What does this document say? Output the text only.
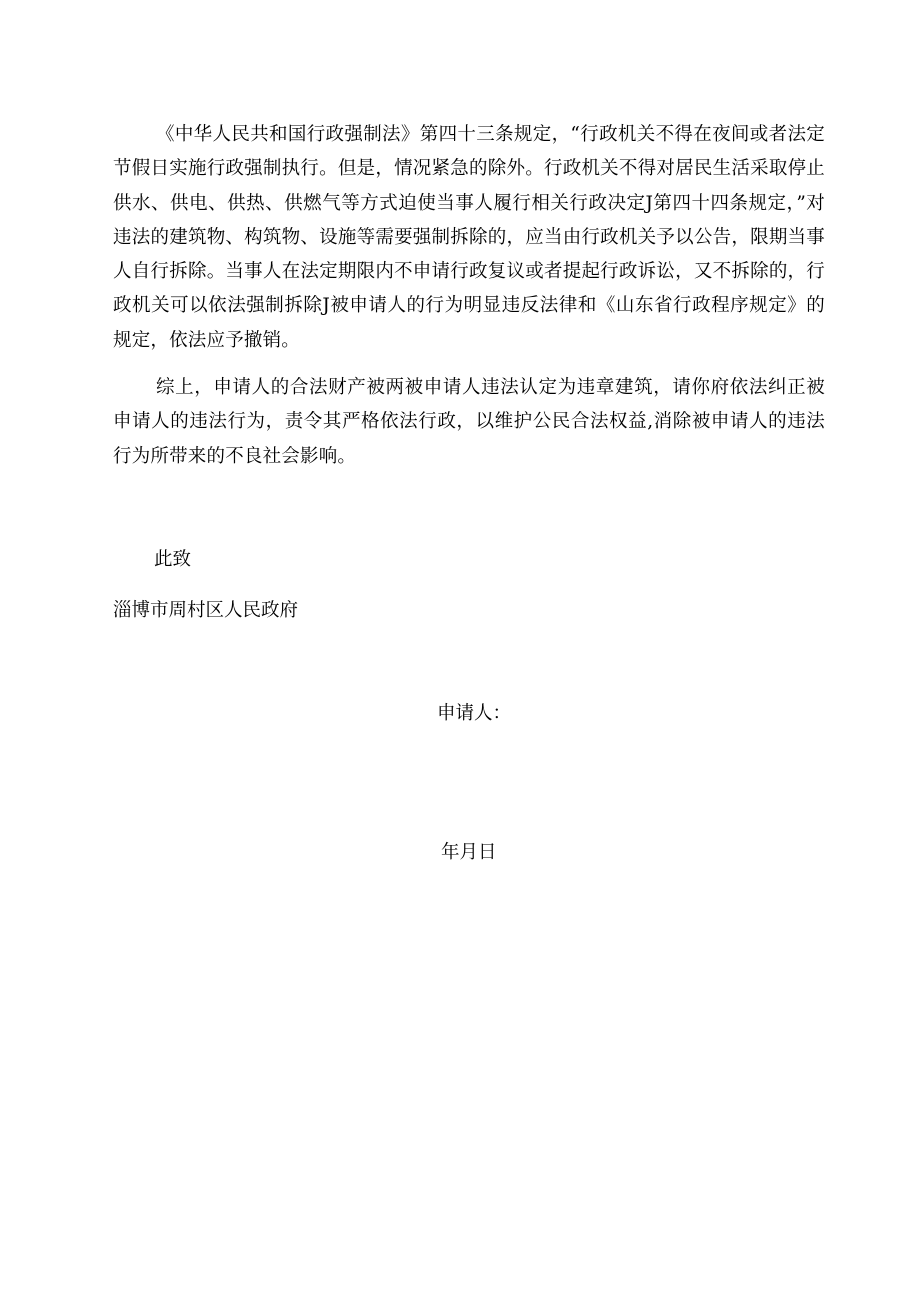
《中华人民共和国行政强制法》第四十三条规定，“行政机关不得在夜间或者法定节假日实施行政强制执行。但是，情况紧急的除外。行政机关不得对居民生活采取停止供水、供电、供热、供燃气等方式迫使当事人履行相关行政决定J第四十四条规定，”对违法的建筑物、构筑物、设施等需要强制拆除的，应当由行政机关予以公告，限期当事人自行拆除。当事人在法定期限内不申请行政复议或者提起行政诉讼，又不拆除的，行政机关可以依法强制拆除J被申请人的行为明显违反法律和《山东省行政程序规定》的规定，依法应予撤销。

综上，申请人的合法财产被两被申请人违法认定为违章建筑，请你府依法纠正被申请人的违法行为，责令其严格依法行政，以维护公民合法权益,消除被申请人的违法行为所带来的不良社会影响。

此致

淄博市周村区人民政府

申请人：

年月日
